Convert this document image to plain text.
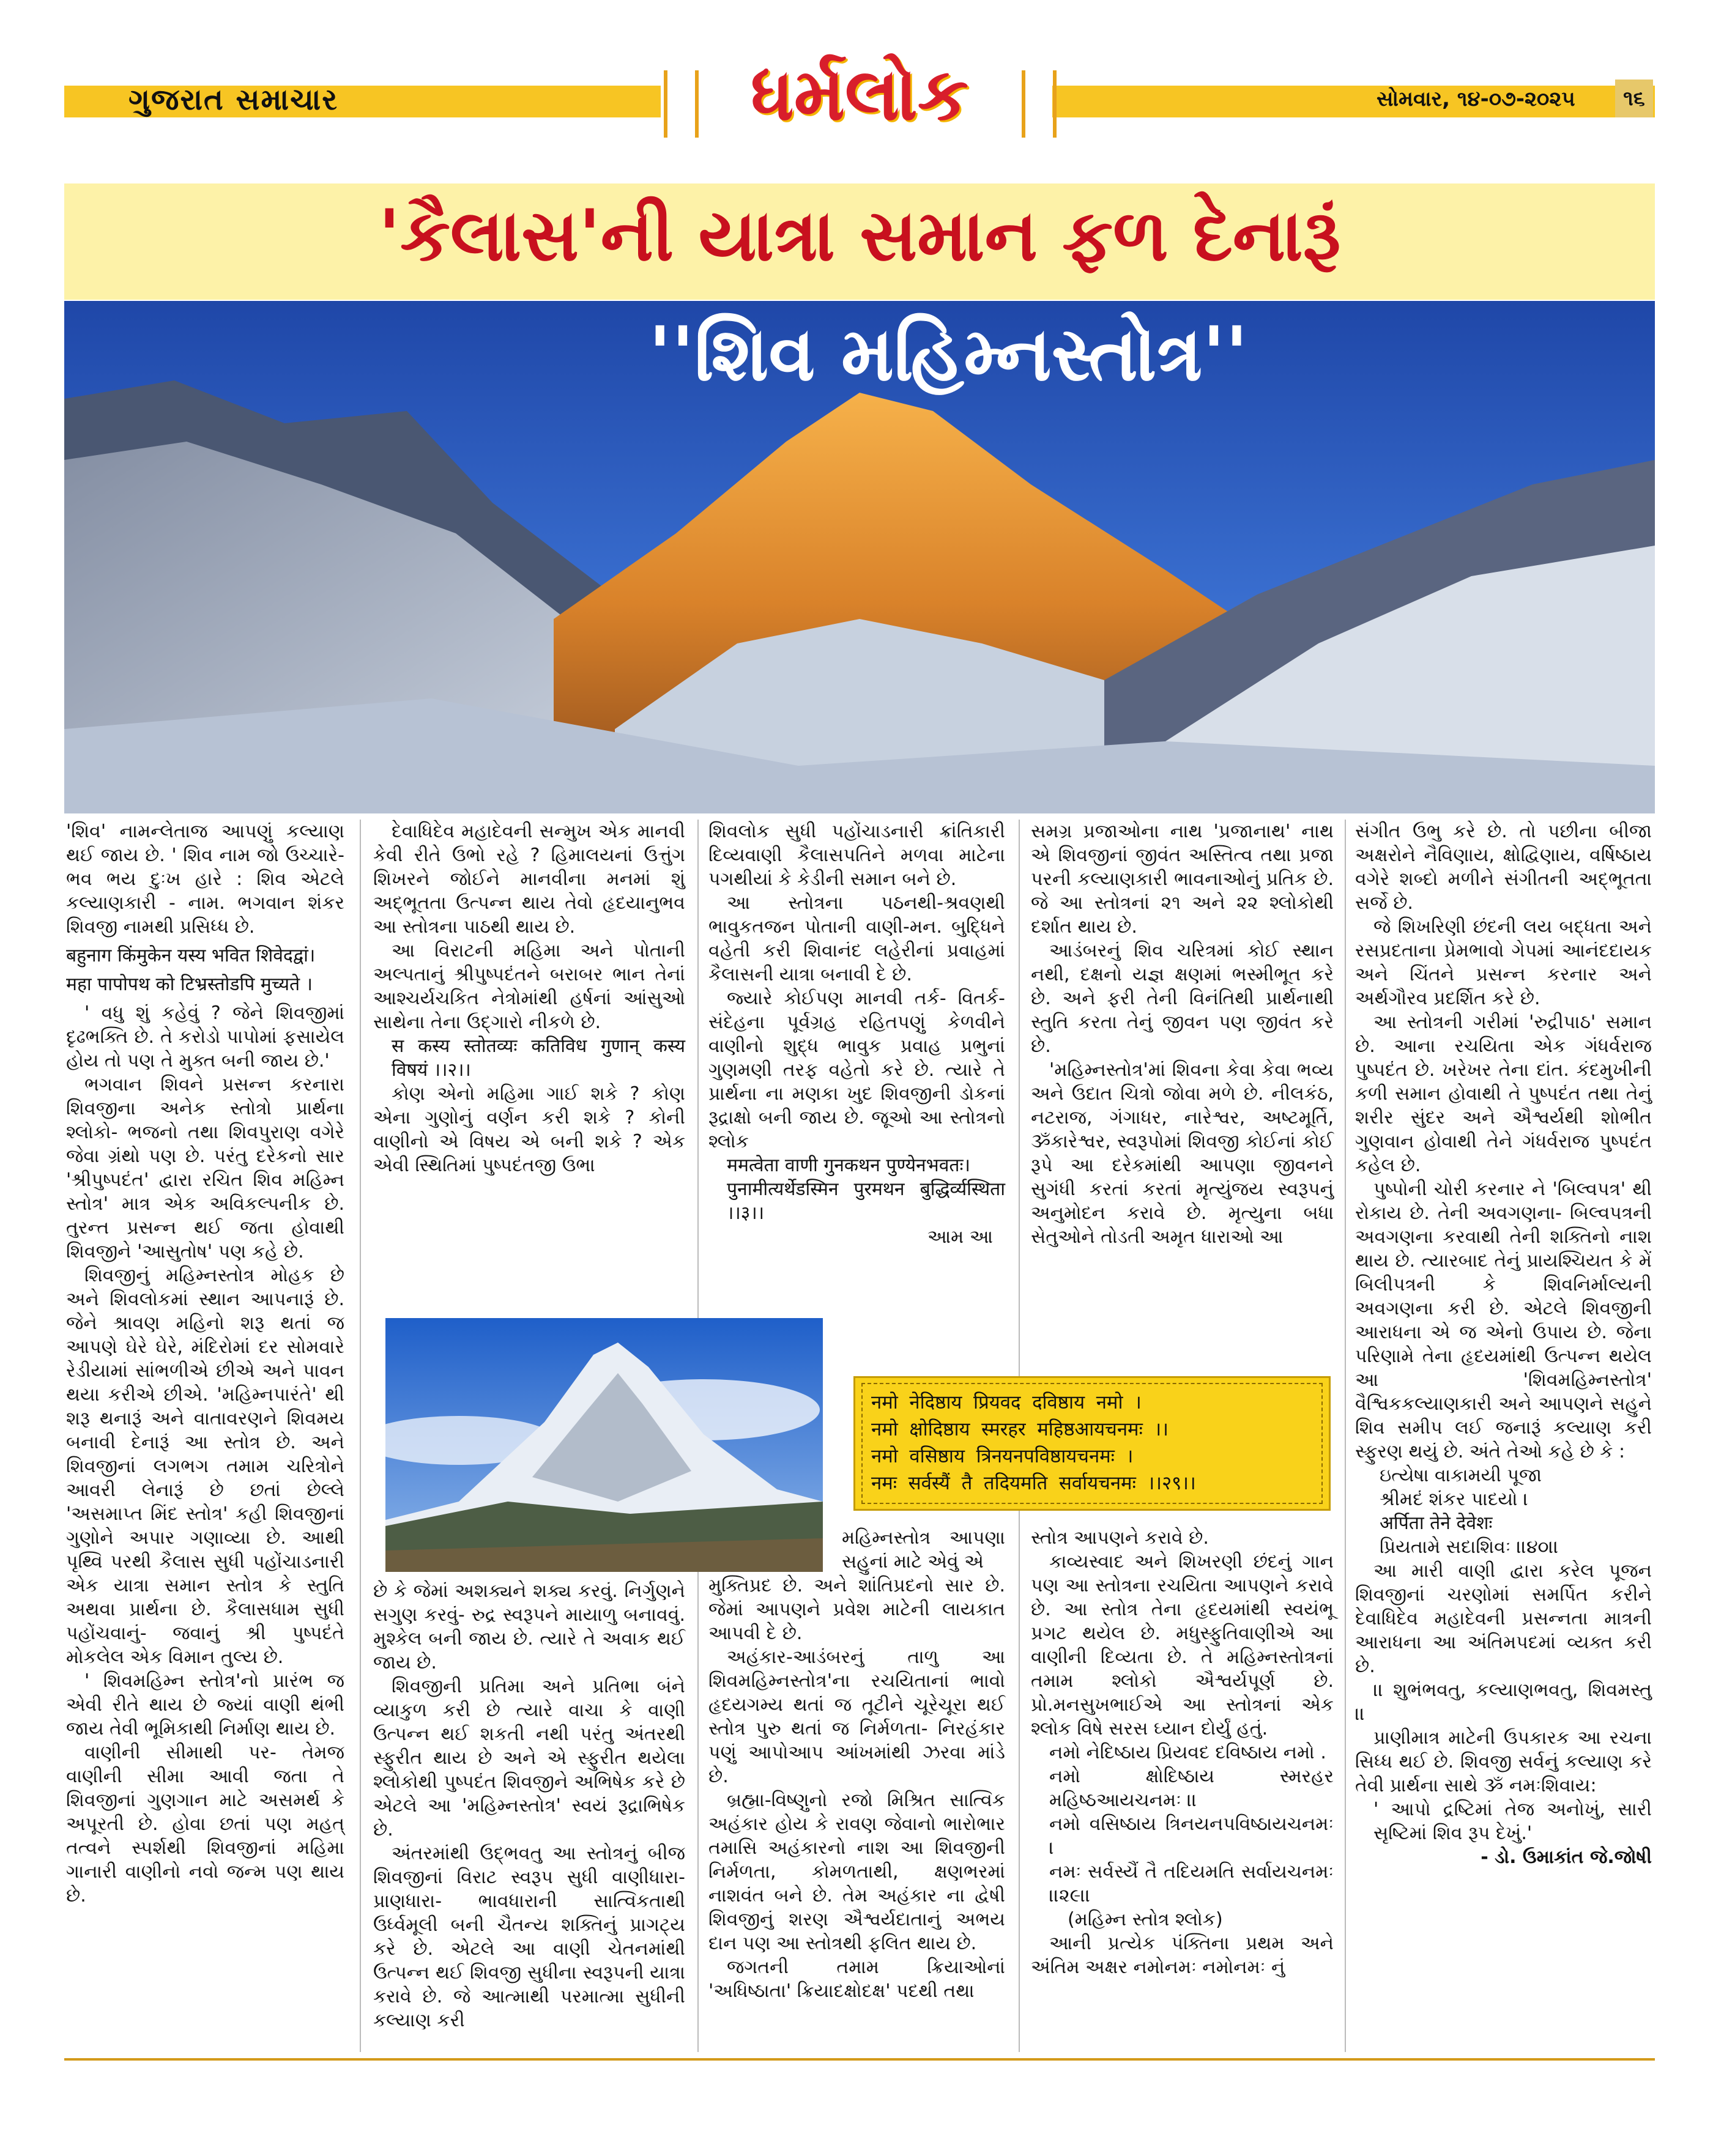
ગુજરાત સમાચાર	ધર્મલોક	સોમવાર, ૧૪-૦૭-૨૦૨૫	૧૬
'કૈલાસ'ની યાત્રા સમાન ફળ દેનારૂં
''શિવ મહિમ્નસ્તોત્ર''

'શિવ' નામન્લેતાજ આપણું કલ્યાણ થઈ જાય છે. ' શિવ નામ જો ઉચ્ચારે- ભવ ભય દુઃખ હારે : શિવ એટલે કલ્યાણકારી - નામ. ભગવાન શંકર શિવજી નામથી પ્રસિધ્ધ છે.

बहुनाग किंमुकेन यस्य भवित शिवेदद्वां।

महा पापोपथ को टिभ्रस्तोडपि मुच्यते ।

' વધુ શું કહેવું ? જેને શિવજીમાં દૃઢભક્તિ છે. તે કરોડો પાપોમાં ફસાયેલ હોય તો પણ તે મુક્ત બની જાય છે.'

ભગવાન શિવને પ્રસન્ન કરનારા શિવજીના અનેક સ્તોત્રો પ્રાર્થના શ્લોકો- ભજનો તથા શિવપુરાણ વગેરે જેવા ગ્રંથો પણ છે. પરંતુ દરેકનો સાર 'શ્રીપુષ્પદંત' દ્વારા રચિત શિવ મહિમ્ન સ્તોત્ર' માત્ર એક અવિકલ્પનીક છે. તુરન્ત પ્રસન્ન થઈ જતા હોવાથી શિવજીને 'આસુતોષ' પણ કહે છે.

શિવજીનું મહિમ્નસ્તોત્ર મોહક છે અને શિવલોકમાં સ્થાન આપનારૂં છે. જેને શ્રાવણ મહિનો શરૂ થતાં જ આપણે ઘેરે ઘેરે, મંદિરોમાં દર સોમવારે રેડીયામાં સાંભળીએ છીએ અને પાવન થયા કરીએ છીએ. 'મહિમ્નપારંતે' થી શરૂ થનારૂં અને વાતાવરણને શિવમય બનાવી દેનારૂં આ સ્તોત્ર છે. અને શિવજીનાં લગભગ તમામ ચરિત્રોને આવરી લેનારૂં છે છતાં છેલ્લે 'અસમાપ્ત મિંદ સ્તોત્ર' કહી શિવજીનાં ગુણોને અપાર ગણાવ્યા છે. આથી પૃથ્વિ પરથી કૈલાસ સુધી પહોંચાડનારી એક યાત્રા સમાન સ્તોત્ર કે સ્તુતિ અથવા પ્રાર્થના છે. કૈલાસધામ સુધી પહોંચવાનું- જવાનું શ્રી પુષ્પદંતે મોકલેલ એક વિમાન તુલ્ય છે.

' શિવમહિમ્ન સ્તોત્ર'નો પ્રારંભ જ એવી રીતે થાય છે જ્યાં વાણી થંભી જાય તેવી ભૂમિકાથી નિર્માણ થાય છે.

વાણીની સીમાથી પર- તેમજ વાણીની સીમા આવી જતા તે શિવજીનાં ગુણગાન માટે અસમર્થ કે અપૂરતી છે. હોવા છતાં પણ મહત્ તત્વને સ્પર્શથી શિવજીનાં મહિમા ગાનારી વાણીનો નવો જન્મ પણ થાય છે.

દેવાધિદેવ મહાદેવની સન્મુખ એક માનવી કેવી રીતે ઉભો રહે ? હિમાલયનાં ઉત્તુંગ શિખરને જોઈને માનવીના મનમાં શું અદ્ભૂતતા ઉત્પન્ન થાય તેવો હૃદયાનુભવ આ સ્તોત્રના પાઠથી થાય છે.

આ વિરાટની મહિમા અને પોતાની અલ્પતાનું શ્રીપુષ્પદંતને બરાબર ભાન તેનાં આશ્ચર્યચકિત નેત્રોમાંથી હર્ષનાં આંસુઓ સાથેના તેના ઉદ્ગારો નીકળે છે.

स कस्य स्तोतव्यः कतिविध गुणान् कस्य विषयं ।।२।।

કોણ એનો મહિમા ગાઈ શકે ? કોણ એના ગુણોનું વર્ણન કરી શકે ? કોની વાણીનો એ વિષય એ બની શકે ? એક એવી સ્થિતિમાં પુષ્પદંતજી ઉભા

છે કે જેમાં અશક્યને શક્ય કરવું. નિર્ગુણને સગુણ કરવું- રુદ્ર સ્વરૂપને માયાળુ બનાવવું. મુશ્કેલ બની જાય છે. ત્યારે તે અવાક થઈ જાય છે.

શિવજીની પ્રતિમા અને પ્રતિભા બંને વ્યાકુળ કરી છે ત્યારે વાચા કે વાણી ઉત્પન્ન થઈ શકતી નથી પરંતુ અંતરથી સ્ફુરીત થાય છે અને એ સ્ફુરીત થયેલા શ્લોકોથી પુષ્પદંત શિવજીને અભિષેક કરે છે એટલે આ 'મહિમ્નસ્તોત્ર' સ્વયં રૂદ્રાભિષેક છે.

અંતરમાંથી ઉદ્ભવતુ આ સ્તોત્રનું બીજ શિવજીનાં વિરાટ સ્વરૂપ સુધી વાણીધારા- પ્રાણધારા- ભાવધારાની સાત્વિકતાથી ઉર્ધ્વમૂલી બની ચૈતન્ય શક્તિનું પ્રાગટ્ય કરે છે. એટલે આ વાણી ચેતનમાંથી ઉત્પન્ન થઈ શિવજી સુધીના સ્વરૂપની યાત્રા કરાવે છે. જે આત્માથી પરમાત્મા સુધીની કલ્યાણ કરી

શિવલોક સુધી પહોંચાડનારી ક્રાંતિકારી દિવ્યવાણી કૈલાસપતિને મળવા માટેના પગથીયાં કે કેડીની સમાન બને છે.

આ સ્તોત્રના પઠનથી-શ્રવણથી ભાવુકતજન પોતાની વાણી-મન. બુદ્ધિને વહેતી કરી શિવાનંદ લહેરીનાં પ્રવાહમાં કૈલાસની યાત્રા બનાવી દે છે.

જ્યારે કોઈપણ માનવી તર્ક- વિતર્ક-સંદેહના પૂર્વગ્રહ રહિતપણું કેળવીને વાણીનો શુદ્ધ ભાવુક પ્રવાહ પ્રભુનાં ગુણમણી તરફ વહેતો કરે છે. ત્યારે તે પ્રાર્થના ના મણકા ખુદ શિવજીની ડોકનાં રૂદ્રાક્ષો બની જાય છે. જૂઓ આ સ્તોત્રનો શ્લોક

ममत्वेता वाणी गुनकथन पुण्येनभवतः।

पुनामीत्यर्थेडस्मिन पुरमथन बुद्धिर्व्यस्थिता ।।३।।

આમ આ

नमो नेदिष्ठाय प्रियवद दविष्ठाय नमो ।
नमो क्षोदिष्ठाय स्मरहर महिष्ठआयचनमः ।।
नमो वसिष्ठाय त्रिनयनपविष्ठायचनमः ।
नमः सर्वस्यैं तै तदियमति सर्वायचनमः ।।२९।।

મહિમ્નસ્તોત્ર આપણા સહુનાં માટે એવું એ

મુક્તિપ્રદ છે. અને શાંતિપ્રદનો સાર છે. જેમાં આપણને પ્રવેશ માટેની લાયકાત આપવી દે છે.

અહંકાર-આડંબરનું તાળુ આ શિવમહિમ્નસ્તોત્ર'ના રચયિતાનાં ભાવો હૃદયગમ્ય થતાં જ તૂટીને ચૂરેચૂરા થઈ સ્તોત્ર પુરુ થતાં જ નિર્મળતા- નિરહંકાર પણું આપોઆપ આંખમાંથી ઝરવા માંડે છે.

બ્રહ્મા-વિષ્ણુનો રજો મિશ્રિત સાત્વિક અહંકાર હોય કે રાવણ જેવાનો ભારોભાર તમાસિ અહંકારનો નાશ આ શિવજીની નિર્મળતા, કોમળતાથી, ક્ષણભરમાં નાશવંત બને છે. તેમ અહંકાર ના દ્વેષી શિવજીનું શરણ ઐશ્વર્યદાતાનું અભય દાન પણ આ સ્તોત્રથી ફલિત થાય છે.

જગતની તમામ ક્રિયાઓનાં 'અધિષ્ઠાતા' ક્રિયાદક્ષોદક્ષ' પદથી તથા

સમગ્ર પ્રજાઓના નાથ 'પ્રજાનાથ' નાથ એ શિવજીનાં જીવંત અસ્તિત્વ તથા પ્રજા પરની કલ્યાણકારી ભાવનાઓનું પ્રતિક છે. જે આ સ્તોત્રનાં ૨૧ અને ૨૨ શ્લોકોથી દર્શાત થાય છે.

આડંબરનું શિવ ચરિત્રમાં કોઈ સ્થાન નથી, દક્ષનો યજ્ઞ ક્ષણમાં ભસ્મીભૂત કરે છે. અને ફરી તેની વિનંતિથી પ્રાર્થનાથી સ્તુતિ કરતા તેનું જીવન પણ જીવંત કરે છે.

'મહિમ્નસ્તોત્ર'માં શિવના કેવા કેવા ભવ્ય અને ઉદાત ચિત્રો જોવા મળે છે. નીલકંઠ, નટરાજ, ગંગાધર, નારેશ્વર, અષ્ટમૂર્તિ, ૐકારેશ્વર, સ્વરૂપોમાં શિવજી કોઈનાં કોઈ રૂપે આ દરેકમાંથી આપણા જીવનને સુગંધી કરતાં કરતાં મૃત્યુંજય સ્વરૂપનું અનુમોદન કરાવે છે. મૃત્યુના બધા સેતુઓને તોડતી અમૃત ધારાઓ આ

સ્તોત્ર આપણને કરાવે છે.

કાવ્યસ્વાદ અને શિખરણી છંદનું ગાન પણ આ સ્તોત્રના રચયિતા આપણને કરાવે છે. આ સ્તોત્ર તેના હૃદયમાંથી સ્વયંભૂ પ્રગટ થયેલ છે. મધુસ્ફુતિવાણીએ આ વાણીની દિવ્યતા છે. તે મહિમ્નસ્તોત્રનાં તમામ શ્લોકો ઐશ્વર્યપૂર્ણ છે. પ્રો.મનસુખભાઈએ આ સ્તોત્રનાં એક શ્લોક વિષે સરસ ઘ્યાન દોર્યું હતું.

નમો નેદિષ્ઠાય પ્રિયવદ દવિષ્ઠાય નમો .

નમો ક્ષોદિષ્ઠાય સ્મરહર મહિષ્ઠઆયચનમઃ ।।

નમો વસિષ્ઠાય ત્રિનયનપવિષ્ઠાયચનમઃ ।

નમઃ સર્વસ્યૈં તૈ તદિયમતિ સર્વાયચનમઃ ।।૨૯।।

(મહિમ્ન સ્તોત્ર શ્લોક)

આની પ્રત્યેક પંક્તિના પ્રથમ અને અંતિમ અક્ષર નમોનમઃ નમોનમઃ નું

સંગીત ઉભુ કરે છે. તો પછીના બીજા અક્ષરોને નૈવિણાય, ક્ષોદ્વિણાય, વર્ષિષ્ઠાય વગેરે શબ્દો મળીને સંગીતની અદ્ભૂતતા સર્જે છે.

જે શિખરિણી છંદની લય બદ્ધતા અને રસપ્રદતાના પ્રેમભાવો ગેપમાં આનંદદાયક અને ચિંતને પ્રસન્ન કરનાર અને અર્થગૌરવ પ્રદર્શિત કરે છે.

આ સ્તોત્રની ગરીમાં 'રુદ્રીપાઠ' સમાન છે. આના રચયિતા એક ગંધર્વરાજ પુષ્પદંત છે. ખરેખર તેના દાંત. કંદમુખીની કળી સમાન હોવાથી તે પુષ્પદંત તથા તેનું શરીર સુંદર અને ઐશ્વર્યથી શોભીત ગુણવાન હોવાથી તેને ગંધર્વરાજ પુષ્પદંત કહેલ છે.

પુષ્પોની ચોરી કરનાર ને 'બિલ્વપત્ર' થી રોકાય છે. તેની અવગણના- બિલ્વપત્રની અવગણના કરવાથી તેની શક્તિનો નાશ થાય છે. ત્યારબાદ તેનું પ્રાયશ્ચિયત કે મેં બિલીપત્રની કે શિવનિર્માલ્યની અવગણના કરી છે. એટલે શિવજીની આરાધના એ જ એનો ઉપાય છે. જેના પરિણામે તેના હૃદયમાંથી ઉત્પન્ન થયેલ આ 'શિવમહિમ્નસ્તોત્ર' વૈશ્વિકકલ્યાણકારી અને આપણને સહુને શિવ સમીપ લઈ જનારૂં કલ્યાણ કરી સ્ફુરણ થયું છે. અંતે તેઓ કહે છે કે :

ઇત્યેષા વાકામયી પૂજા

શ્રીમદં શંકર પાદયો ।

अर्पिता तेने देवेशः

પ્રિયતામે સદાશિવઃ ।।૪૦।।

આ મારી વાણી દ્વારા કરેલ પૂજન શિવજીનાં ચરણોમાં સમર્પિત કરીને દેવાધિદેવ મહાદેવની પ્રસન્નતા માત્રની આરાધના આ અંતિમપદમાં વ્યક્ત કરી છે.

।। શુભંભવતુ, કલ્યાણભવતુ, શિવમસ્તુ ।।

પ્રાણીમાત્ર માટેની ઉપકારક આ રચના સિધ્ધ થઈ છે. શિવજી સર્વનું કલ્યાણ કરે તેવી પ્રાર્થના સાથે ૐ નમઃશિવાય:

' આપો દ્રષ્ટિમાં તેજ અનોખું, સારી સૃષ્ટિમાં શિવ રૂપ દેખું.'

- ડો. ઉમાકાંત જે.જોષી
